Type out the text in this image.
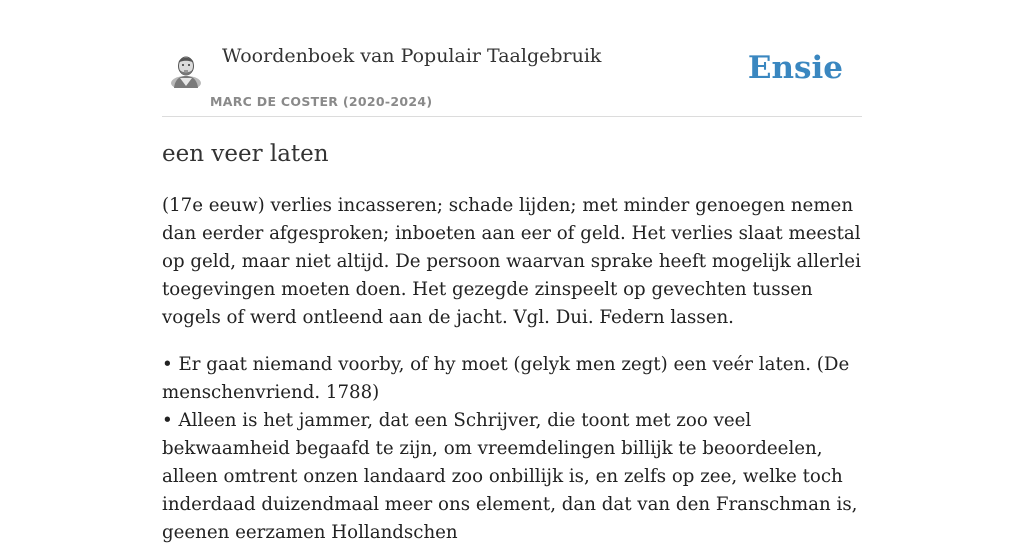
Woordenboek van Populair Taalgebruik
MARC DE COSTER (2020-2024)
Ensie
een veer laten

(17e eeuw) verlies incasseren; schade lijden; met minder genoegen nemen dan eerder afgesproken; inboeten aan eer of geld. Het verlies slaat meestal op geld, maar niet altijd. De persoon waarvan sprake heeft mogelijk allerlei toegevingen moeten doen. Het gezegde zinspeelt op gevechten tussen vogels of werd ontleend aan de jacht. Vgl. Dui. Federn lassen.

• Er gaat niemand voorby, of hy moet (gelyk men zegt) een veér laten. (De menschenvriend. 1788)

• Alleen is het jammer, dat een Schrijver, die toont met zoo veel bekwaamheid begaafd te zijn, om vreemdelingen billijk te beoordeelen, alleen omtrent onzen landaard zoo onbillijk is, en zelfs op zee, welke toch inderdaad duizendmaal meer ons element, dan dat van den Franschman is, geenen eerzamen Hollandschen
